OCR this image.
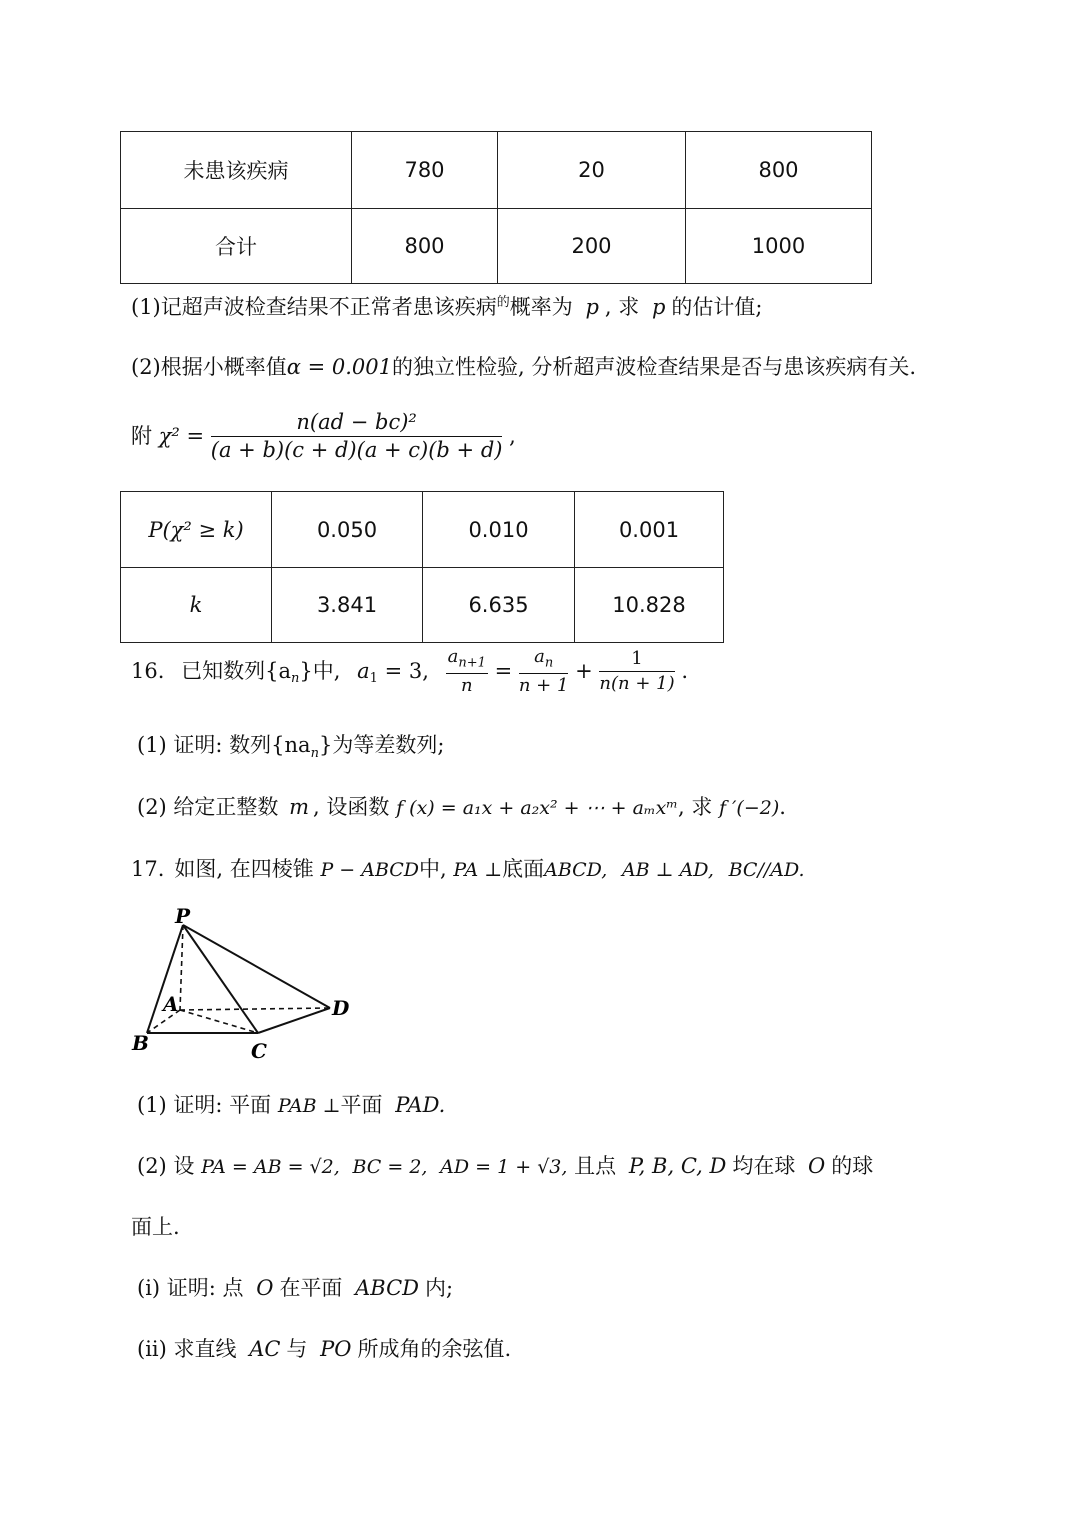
未患该疾病	780	20	800
合计	800	200	1000
(1)记超声波检查结果不正常者患该疾病$^的$概率为 p , 求 p 的估计值;
(2)根据小概率值α = 0.001的独立性检验, 分析超声波检查结果是否与患该疾病有关.
附 $\chi^2 = \frac{\text{n(ad − bc)²}}{(a + b)(c + d)(a + c)(b + d)}$ ,
P(χ² ≥ k)	0.050	0.010	0.001
k	3.841	6.635	10.828
16. 已知数列$\{a_n\}$中, $a_1 = 3$, $\frac{a_{n+1}}{n} = \frac{a_n}{n + 1} + \frac{1}{n(n + 1)}$ .
(1) 证明: 数列$\{na_n\}$为等差数列;
(2) 给定正整数 m , 设函数 f (x) = a₁x + a₂x² + ⋯ + aₘxᵐ, 求 f ′(−2).
17. 如图, 在四棱锥 P − ABCD中, PA ⊥底面ABCD, AB ⊥ AD, BC//AD.
P
A
B	C
D
(1) 证明: 平面 PAB ⊥平面 PAD.
(2) 设 PA = AB = √2, BC = 2, AD = 1 + √3, 且点 P, B, C, D 均在球 O 的球
面上.
(i) 证明: 点 O 在平面 ABCD 内;
(ii) 求直线 AC 与 PO 所成角的余弦值.
